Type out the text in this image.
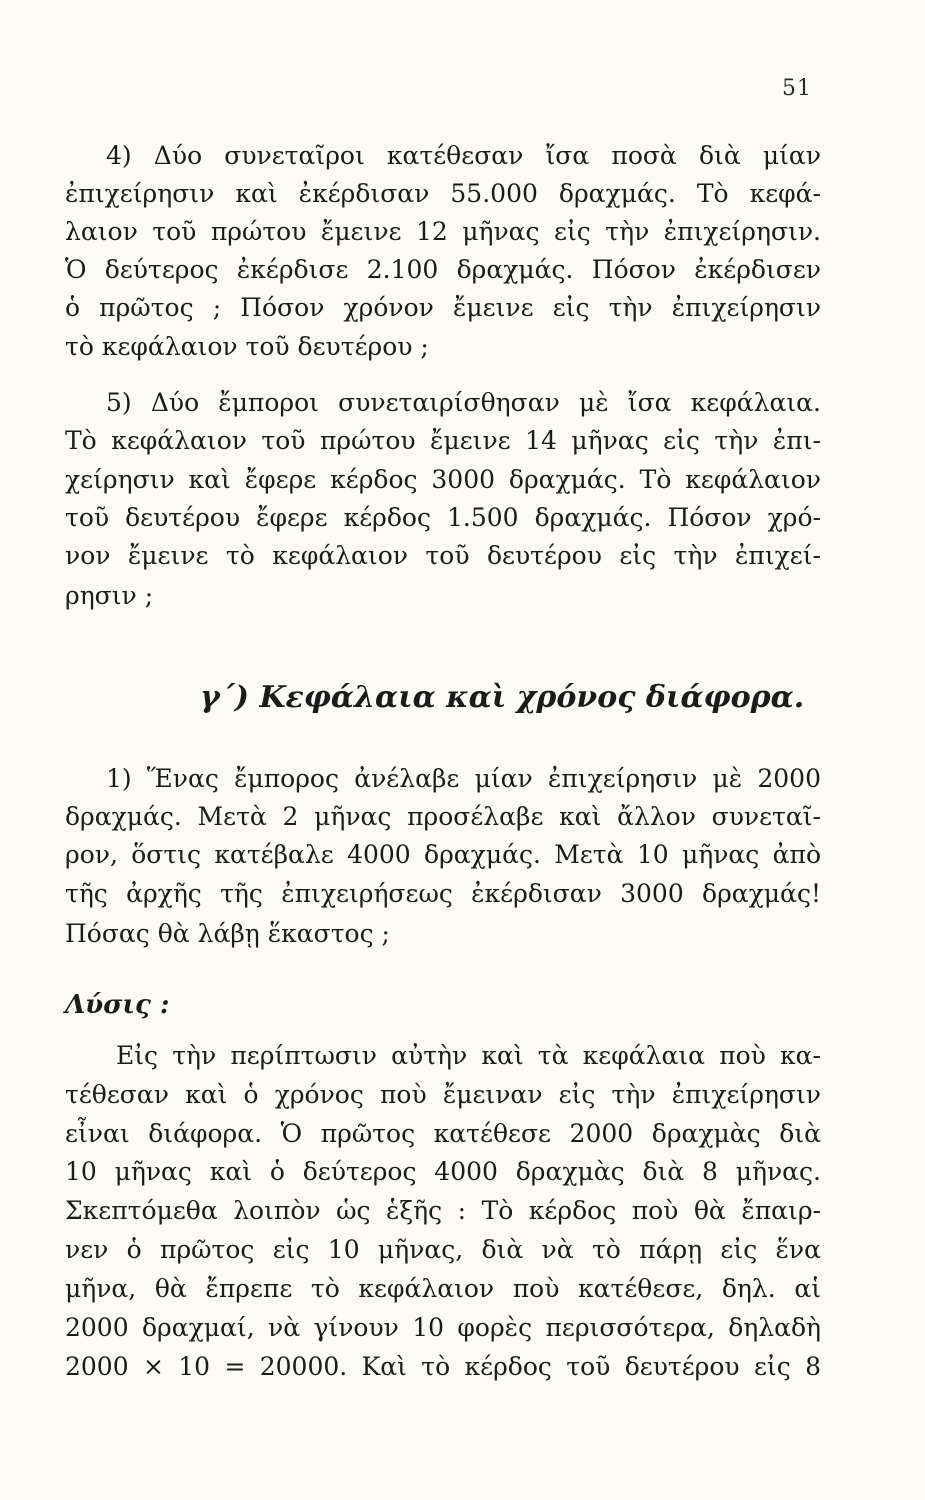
51
4) Δύο συνεταῖροι κατέθεσαν ἴσα ποσὰ διὰ μίαν
ἐπιχείρησιν καὶ ἐκέρδισαν 55.000 δραχμάς. Τὸ κεφά-
λαιον τοῦ πρώτου ἔμεινε 12 μῆνας εἰς τὴν ἐπιχείρησιν.
Ὁ δεύτερος ἐκέρδισε 2.100 δραχμάς. Πόσον ἐκέρδισεν
ὁ πρῶτος ; Πόσον χρόνον ἔμεινε εἰς τὴν ἐπιχείρησιν
τὸ κεφάλαιον τοῦ δευτέρου ;
5) Δύο ἔμποροι συνεταιρίσθησαν μὲ ἴσα κεφάλαια.
Τὸ κεφάλαιον τοῦ πρώτου ἔμεινε 14 μῆνας εἰς τὴν ἐπι-
χείρησιν καὶ ἔφερε κέρδος 3000 δραχμάς. Τὸ κεφάλαιον
τοῦ δευτέρου ἔφερε κέρδος 1.500 δραχμάς. Πόσον χρό-
νον ἔμεινε τὸ κεφάλαιον τοῦ δευτέρου εἰς τὴν ἐπιχεί-
ρησιν ;
γ΄) Κεφάλαια καὶ χρόνος διάφορα.
1) Ἕνας ἔμπορος ἀνέλαβε μίαν ἐπιχείρησιν μὲ 2000
δραχμάς. Μετὰ 2 μῆνας προσέλαβε καὶ ἄλλον συνεταῖ-
ρον, ὅστις κατέβαλε 4000 δραχμάς. Μετὰ 10 μῆνας ἀπὸ
τῆς ἀρχῆς τῆς ἐπιχειρήσεως ἐκέρδισαν 3000 δραχμάς!
Πόσας θὰ λάβῃ ἕκαστος ;
Λύσις :
Εἰς τὴν περίπτωσιν αὐτὴν καὶ τὰ κεφάλαια ποὺ κα-
τέθεσαν καὶ ὁ χρόνος ποὺ ἔμειναν εἰς τὴν ἐπιχείρησιν
εἶναι διάφορα. Ὁ πρῶτος κατέθεσε 2000 δραχμὰς διὰ
10 μῆνας καὶ ὁ δεύτερος 4000 δραχμὰς διὰ 8 μῆνας.
Σκεπτόμεθα λοιπὸν ὡς ἑξῆς : Τὸ κέρδος ποὺ θὰ ἔπαιρ-
νεν ὁ πρῶτος εἰς 10 μῆνας, διὰ νὰ τὸ πάρῃ εἰς ἕνα
μῆνα, θὰ ἔπρεπε τὸ κεφάλαιον ποὺ κατέθεσε, δηλ. αἱ
2000 δραχμαί, νὰ γίνουν 10 φορὲς περισσότερα, δηλαδὴ
2000 × 10 = 20000. Καὶ τὸ κέρδος τοῦ δευτέρου εἰς 8
